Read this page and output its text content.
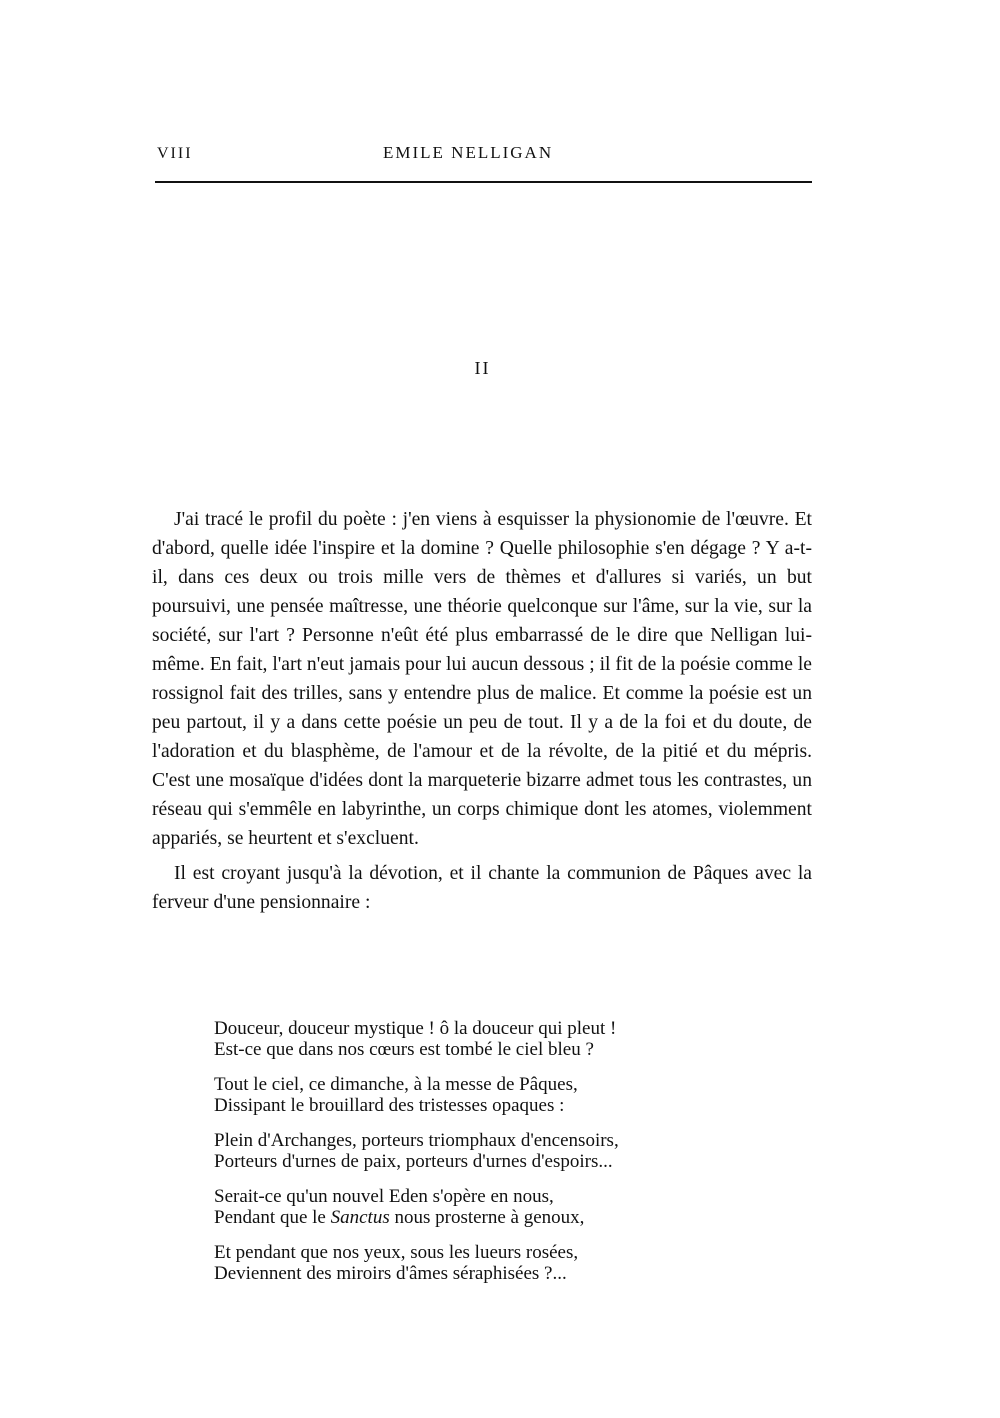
VIII	EMILE NELLIGAN
II

J'ai tracé le profil du poète : j'en viens à esquisser la physionomie de l'œuvre. Et d'abord, quelle idée l'inspire et la domine ? Quelle philosophie s'en dégage ? Y a-t-il, dans ces deux ou trois mille vers de thèmes et d'allures si variés, un but poursuivi, une pensée maîtresse, une théorie quelconque sur l'âme, sur la vie, sur la société, sur l'art ? Personne n'eût été plus embarrassé de le dire que Nelligan lui-même. En fait, l'art n'eut jamais pour lui aucun dessous ; il fit de la poésie comme le rossignol fait des trilles, sans y entendre plus de malice. Et comme la poésie est un peu partout, il y a dans cette poésie un peu de tout. Il y a de la foi et du doute, de l'adoration et du blasphème, de l'amour et de la révolte, de la pitié et du mépris. C'est une mosaïque d'idées dont la marqueterie bizarre admet tous les contrastes, un réseau qui s'emmêle en labyrinthe, un corps chimique dont les atomes, violemment appariés, se heurtent et s'excluent.

Il est croyant jusqu'à la dévotion, et il chante la communion de Pâques avec la ferveur d'une pensionnaire :

Douceur, douceur mystique ! ô la douceur qui pleut !
Est-ce que dans nos cœurs est tombé le ciel bleu ?
Tout le ciel, ce dimanche, à la messe de Pâques,
Dissipant le brouillard des tristesses opaques :
Plein d'Archanges, porteurs triomphaux d'encensoirs,
Porteurs d'urnes de paix, porteurs d'urnes d'espoirs...
Serait-ce qu'un nouvel Eden s'opère en nous,
Pendant que le Sanctus nous prosterne à genoux,
Et pendant que nos yeux, sous les lueurs rosées,
Deviennent des miroirs d'âmes séraphisées ?...
